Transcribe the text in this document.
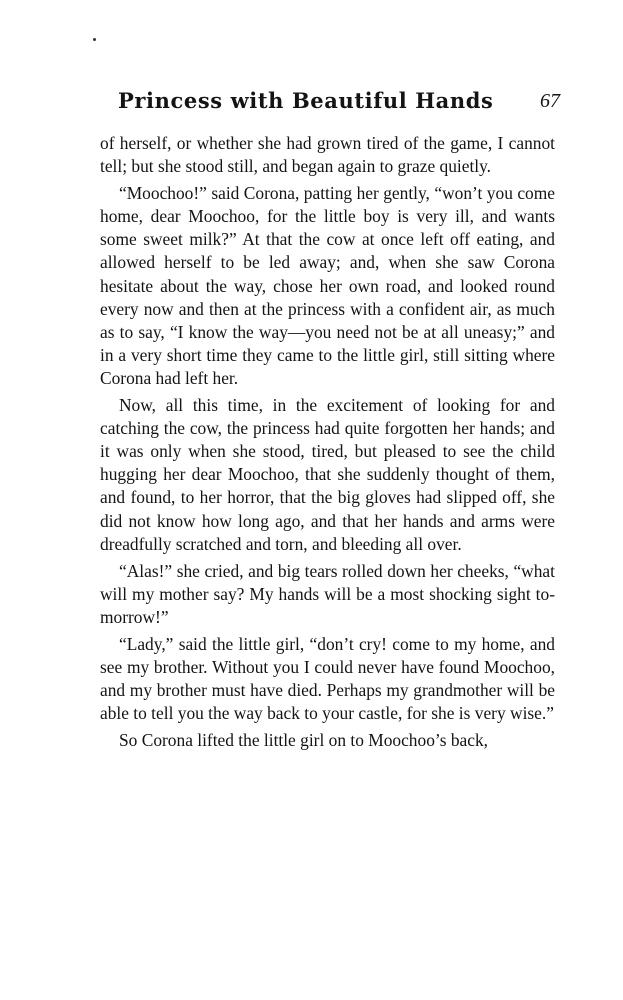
Princess with Beautiful Hands 67

of herself, or whether she had grown tired of the game, I cannot tell; but she stood still, and began again to graze quietly.

“Moochoo!” said Corona, patting her gently, “won’t you come home, dear Moochoo, for the little boy is very ill, and wants some sweet milk?” At that the cow at once left off eating, and allowed herself to be led away; and, when she saw Corona hesitate about the way, chose her own road, and looked round every now and then at the princess with a confident air, as much as to say, “I know the way—you need not be at all uneasy;” and in a very short time they came to the little girl, still sitting where Corona had left her.

Now, all this time, in the excitement of looking for and catching the cow, the princess had quite forgotten her hands; and it was only when she stood, tired, but pleased to see the child hugging her dear Moochoo, that she suddenly thought of them, and found, to her horror, that the big gloves had slipped off, she did not know how long ago, and that her hands and arms were dreadfully scratched and torn, and bleeding all over.

“Alas!” she cried, and big tears rolled down her cheeks, “what will my mother say? My hands will be a most shocking sight to-morrow!”

“Lady,” said the little girl, “don’t cry! come to my home, and see my brother. Without you I could never have found Moochoo, and my brother must have died. Perhaps my grandmother will be able to tell you the way back to your castle, for she is very wise.”

So Corona lifted the little girl on to Moochoo’s back,
